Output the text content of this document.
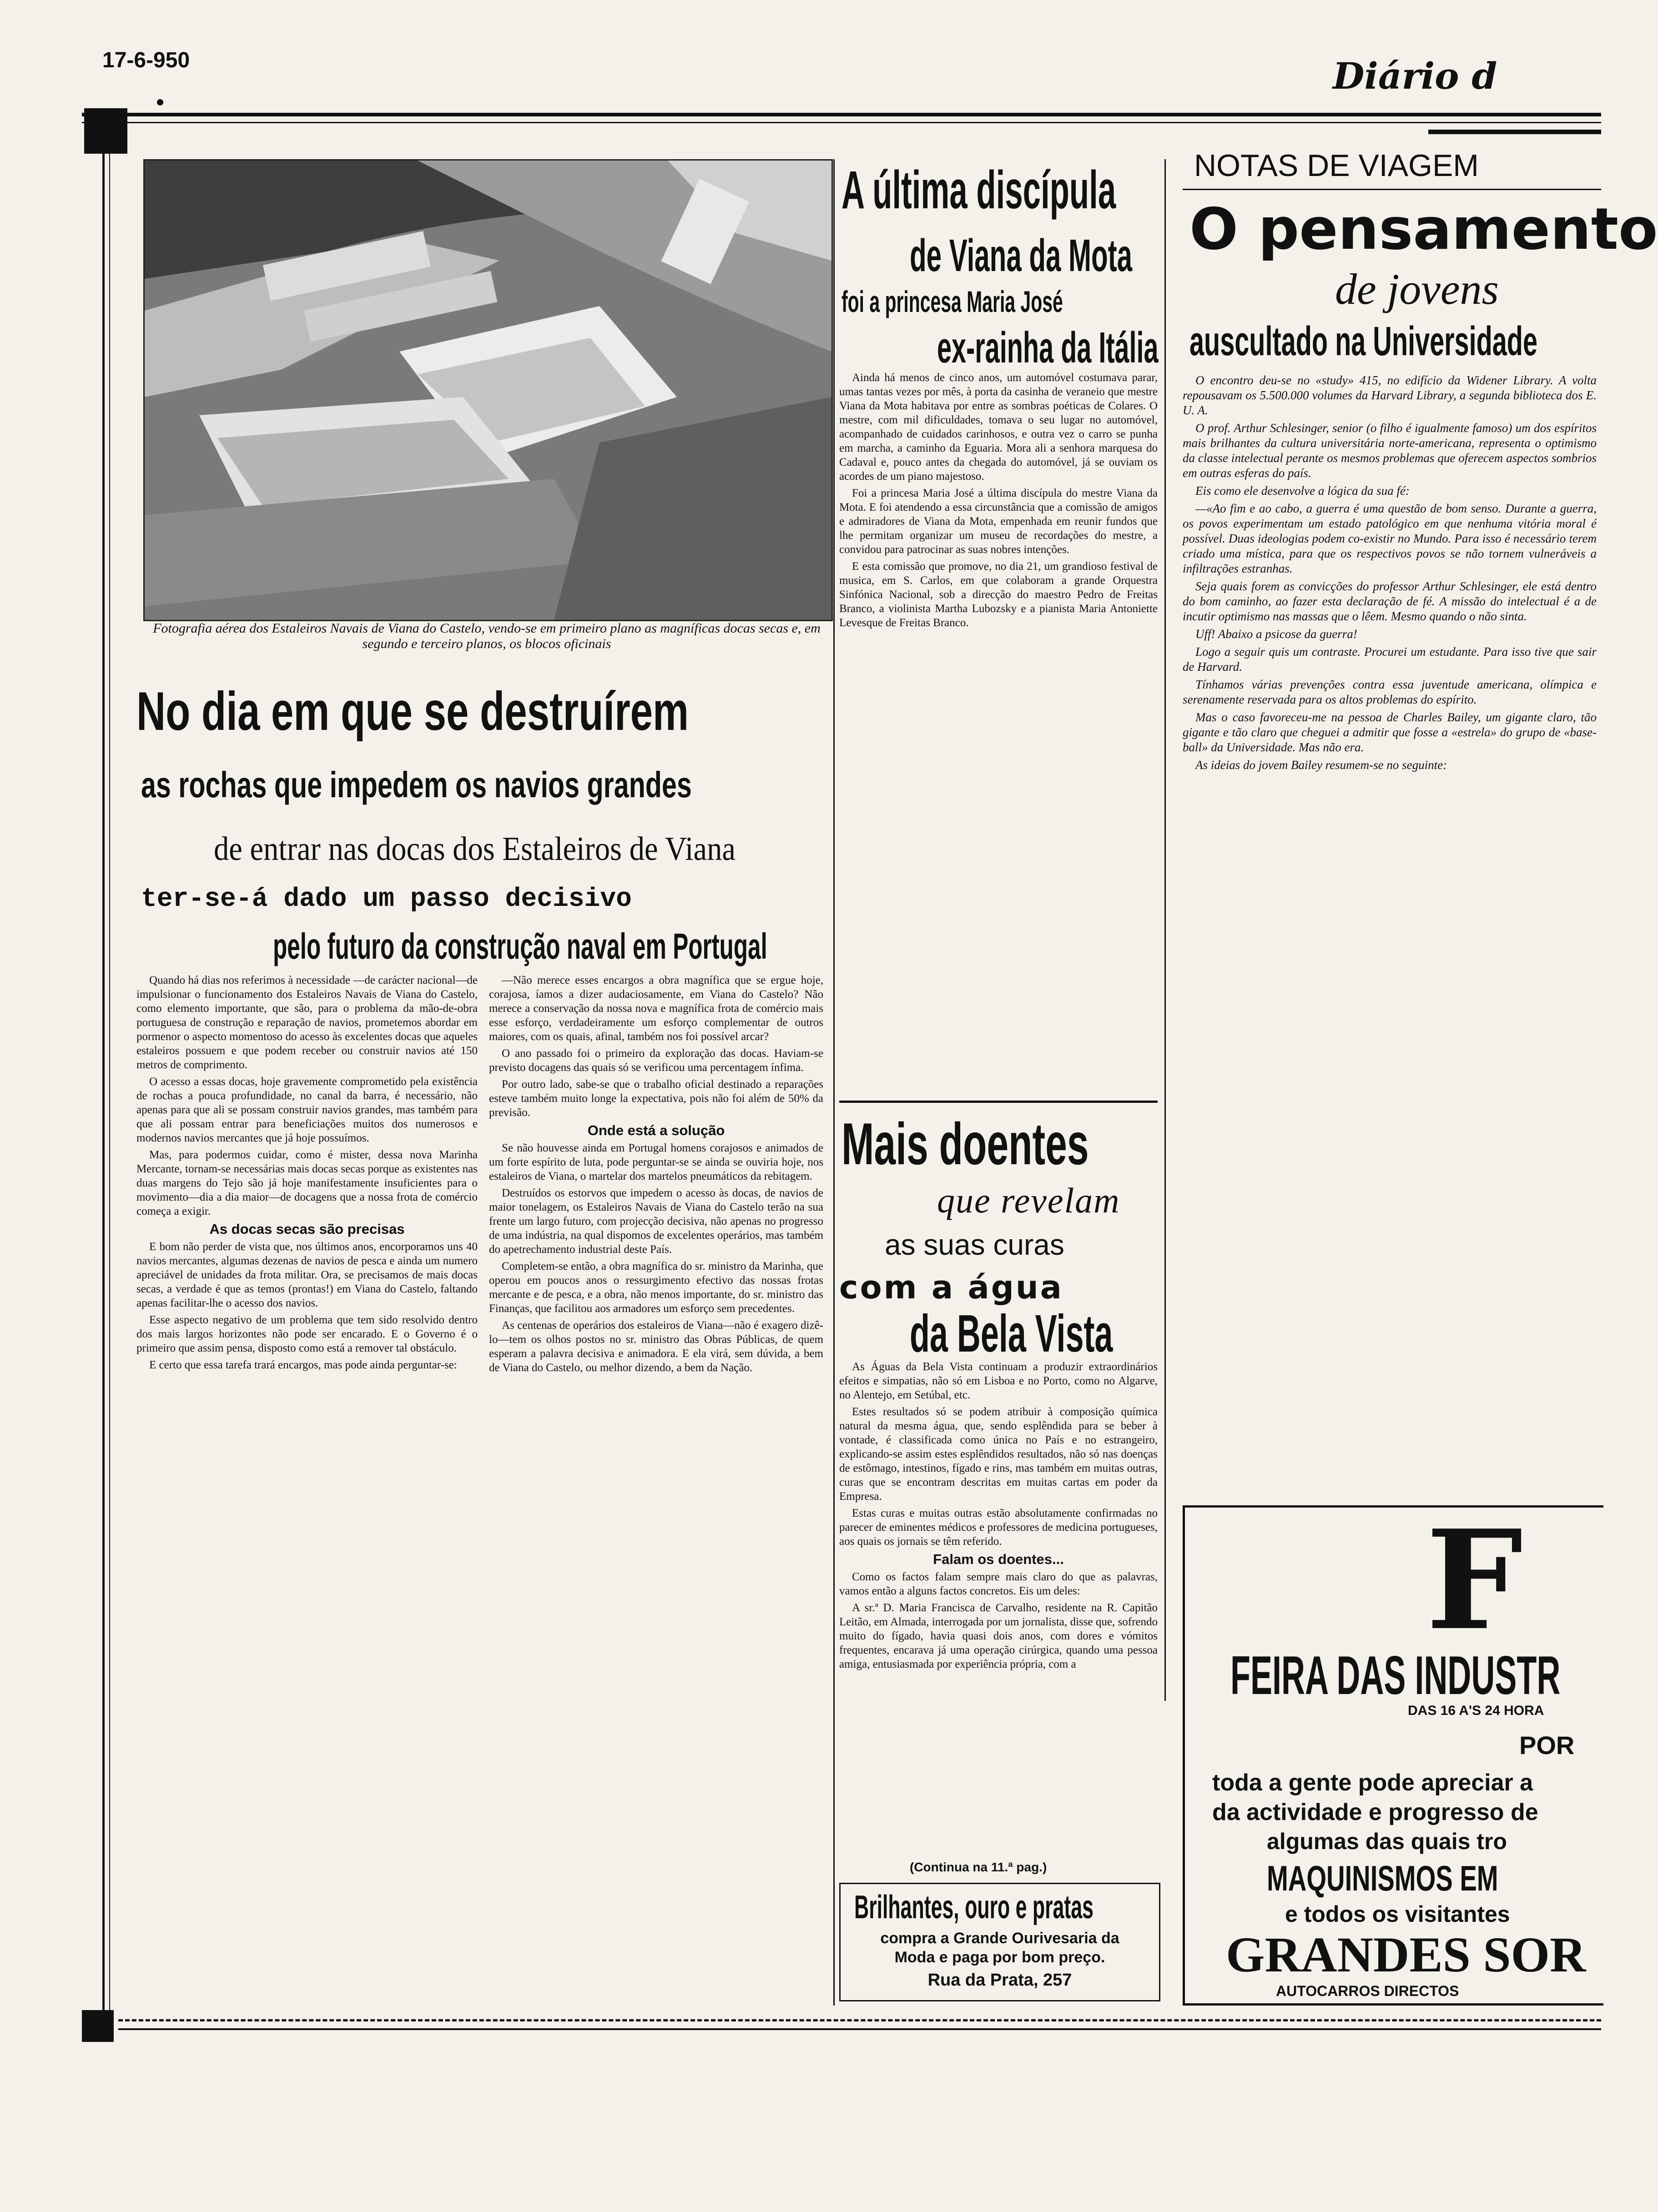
17-6-950	Diário d
Fotografia aérea dos Estaleiros Navais de Viana do Castelo, vendo-se em primeiro plano as magníficas docas secas e, em segundo e terceiro planos, os blocos oficinais
No dia em que se destruírem
as rochas que impedem os navios grandes
de entrar nas docas dos Estaleiros de Viana
ter-se-á dado um passo decisivo
pelo futuro da construção naval em Portugal

Quando há dias nos referimos à necessidade —de carácter nacional—de impulsionar o funcionamento dos Estaleiros Navais de Viana do Castelo, como elemento importante, que são, para o problema da mão-de-obra portuguesa de construção e reparação de navios, prometemos abordar em pormenor o aspecto momentoso do acesso às excelentes docas que aqueles estaleiros possuem e que podem receber ou construir navios até 150 metros de comprimento.

O acesso a essas docas, hoje gravemente comprometido pela existência de rochas a pouca profundidade, no canal da barra, é necessário, não apenas para que ali se possam construir navios grandes, mas também para que ali possam entrar para beneficiações muitos dos numerosos e modernos navios mercantes que já hoje possuímos.

Mas, para podermos cuidar, como é mister, dessa nova Marinha Mercante, tornam-se necessárias mais docas secas porque as existentes nas duas margens do Tejo são já hoje manifestamente insuficientes para o movimento—dia a dia maior—de docagens que a nossa frota de comércio começa a exigir.

As docas secas são precisas

E bom não perder de vista que, nos últimos anos, encorporamos uns 40 navios mercantes, algumas dezenas de navios de pesca e ainda um numero apreciável de unidades da frota militar. Ora, se precisamos de mais docas secas, a verdade é que as temos (prontas!) em Viana do Castelo, faltando apenas facilitar-lhe o acesso dos navios.

Esse aspecto negativo de um problema que tem sido resolvido dentro dos mais largos horizontes não pode ser encarado. E o Governo é o primeiro que assim pensa, disposto como está a remover tal obstáculo.

E certo que essa tarefa trará encargos, mas pode ainda perguntar-se:

—Não merece esses encargos a obra magnífica que se ergue hoje, corajosa, íamos a dizer audaciosamente, em Viana do Castelo? Não merece a conservação da nossa nova e magnífica frota de comércio mais esse esforço, verdadeiramente um esforço complementar de outros maiores, com os quais, afinal, também nos foi possível arcar?

O ano passado foi o primeiro da exploração das docas. Haviam-se previsto docagens das quais só se verificou uma percentagem ínfima.

Por outro lado, sabe-se que o trabalho oficial destinado a reparações esteve também muito longe la expectativa, pois não foi além de 50% da previsão.

Onde está a solução

Se não houvesse ainda em Portugal homens corajosos e animados de um forte espírito de luta, pode perguntar-se se ainda se ouviria hoje, nos estaleiros de Viana, o martelar dos martelos pneumáticos da rebitagem.

Destruídos os estorvos que impedem o acesso às docas, de navios de maior tonelagem, os Estaleiros Navais de Viana do Castelo terão na sua frente um largo futuro, com projecção decisiva, não apenas no progresso de uma indústria, na qual dispomos de excelentes operários, mas também do apetrechamento industrial deste País.

Completem-se então, a obra magnífica do sr. ministro da Marinha, que operou em poucos anos o ressurgimento efectivo das nossas frotas mercante e de pesca, e a obra, não menos importante, do sr. ministro das Finanças, que facilitou aos armadores um esforço sem precedentes.

As centenas de operários dos estaleiros de Viana—não é exagero dizê-lo—tem os olhos postos no sr. ministro das Obras Públicas, de quem esperam a palavra decisiva e animadora. E ela virá, sem dúvida, a bem de Viana do Castelo, ou melhor dizendo, a bem da Nação.

A última discípula
de Viana da Mota
foi a princesa Maria José
ex-rainha da Itália

Ainda há menos de cinco anos, um automóvel costumava parar, umas tantas vezes por mês, à porta da casinha de veraneio que mestre Viana da Mota habitava por entre as sombras poéticas de Colares. O mestre, com mil dificuldades, tomava o seu lugar no automóvel, acompanhado de cuidados carinhosos, e outra vez o carro se punha em marcha, a caminho da Eguaria. Mora ali a senhora marquesa do Cadaval e, pouco antes da chegada do automóvel, já se ouviam os acordes de um piano majestoso.

Foi a princesa Maria José a última discípula do mestre Viana da Mota. E foi atendendo a essa circunstância que a comissão de amigos e admiradores de Viana da Mota, empenhada em reunir fundos que lhe permitam organizar um museu de recordações do mestre, a convidou para patrocinar as suas nobres intenções.

E esta comissão que promove, no dia 21, um grandioso festival de musica, em S. Carlos, em que colaboram a grande Orquestra Sinfónica Nacional, sob a direcção do maestro Pedro de Freitas Branco, a violinista Martha Lubozsky e a pianista Maria Antoniette Levesque de Freitas Branco.

Mais doentes
que revelam
as suas curas
com a água
da Bela Vista

As Águas da Bela Vista continuam a produzir extraordinários efeitos e simpatias, não só em Lisboa e no Porto, como no Algarve, no Alentejo, em Setúbal, etc.

Estes resultados só se podem atribuir à composição química natural da mesma água, que, sendo esplêndida para se beber à vontade, é classificada como única no País e no estrangeiro, explicando-se assim estes esplêndidos resultados, não só nas doenças de estômago, intestinos, fígado e rins, mas também em muitas outras, curas que se encontram descritas em muitas cartas em poder da Empresa.

Estas curas e muitas outras estão absolutamente confirmadas no parecer de eminentes médicos e professores de medicina portugueses, aos quais os jornais se têm referido.

Falam os doentes...

Como os factos falam sempre mais claro do que as palavras, vamos então a alguns factos concretos. Eis um deles:

A sr.ª D. Maria Francisca de Carvalho, residente na R. Capitão Leitão, em Almada, interrogada por um jornalista, disse que, sofrendo muito do fígado, havia quasi dois anos, com dores e vómitos frequentes, encarava já uma operação cirúrgica, quando uma pessoa amiga, entusiasmada por experiência própria, com a

(Continua na 11.ª pag.)
Brilhantes, ouro e pratas
compra a Grande Ourivesaria da
Moda e paga por bom preço.
Rua da Prata, 257
NOTAS DE VIAGEM
O pensamento
de jovens
auscultado na Universidade

O encontro deu-se no «study» 415, no edifício da Widener Library. A volta repousavam os 5.500.000 volumes da Harvard Library, a segunda biblioteca dos E. U. A.

O prof. Arthur Schlesinger, senior (o filho é igualmente famoso) um dos espíritos mais brilhantes da cultura universitária norte-americana, representa o optimismo da classe intelectual perante os mesmos problemas que oferecem aspectos sombrios em outras esferas do país.

Eis como ele desenvolve a lógica da sua fé:

—«Ao fim e ao cabo, a guerra é uma questão de bom senso. Durante a guerra, os povos experimentam um estado patológico em que nenhuma vitória moral é possível. Duas ideologias podem co-existir no Mundo. Para isso é necessário terem criado uma mística, para que os respectivos povos se não tornem vulneráveis a infiltrações estranhas.

Seja quais forem as convicções do professor Arthur Schlesinger, ele está dentro do bom caminho, ao fazer esta declaração de fé. A missão do intelectual é a de incutir optimismo nas massas que o lêem. Mesmo quando o não sinta.

Uff! Abaixo a psicose da guerra!

Logo a seguir quis um contraste. Procurei um estudante. Para isso tive que sair de Harvard.

Tínhamos várias prevenções contra essa juventude americana, olímpica e serenamente reservada para os altos problemas do espírito.

Mas o caso favoreceu-me na pessoa de Charles Bailey, um gigante claro, tão gigante e tão claro que cheguei a admitir que fosse a «estrela» do grupo de «base-ball» da Universidade. Mas não era.

As ideias do jovem Bailey resumem-se no seguinte:

F
FEIRA DAS INDUSTR
DAS 16 A'S 24 HORA
POR
toda a gente pode apreciar a
da actividade e progresso de
algumas das quais tro
MAQUINISMOS EM
e todos os visitantes
GRANDES SOR
AUTOCARROS DIRECTOS
